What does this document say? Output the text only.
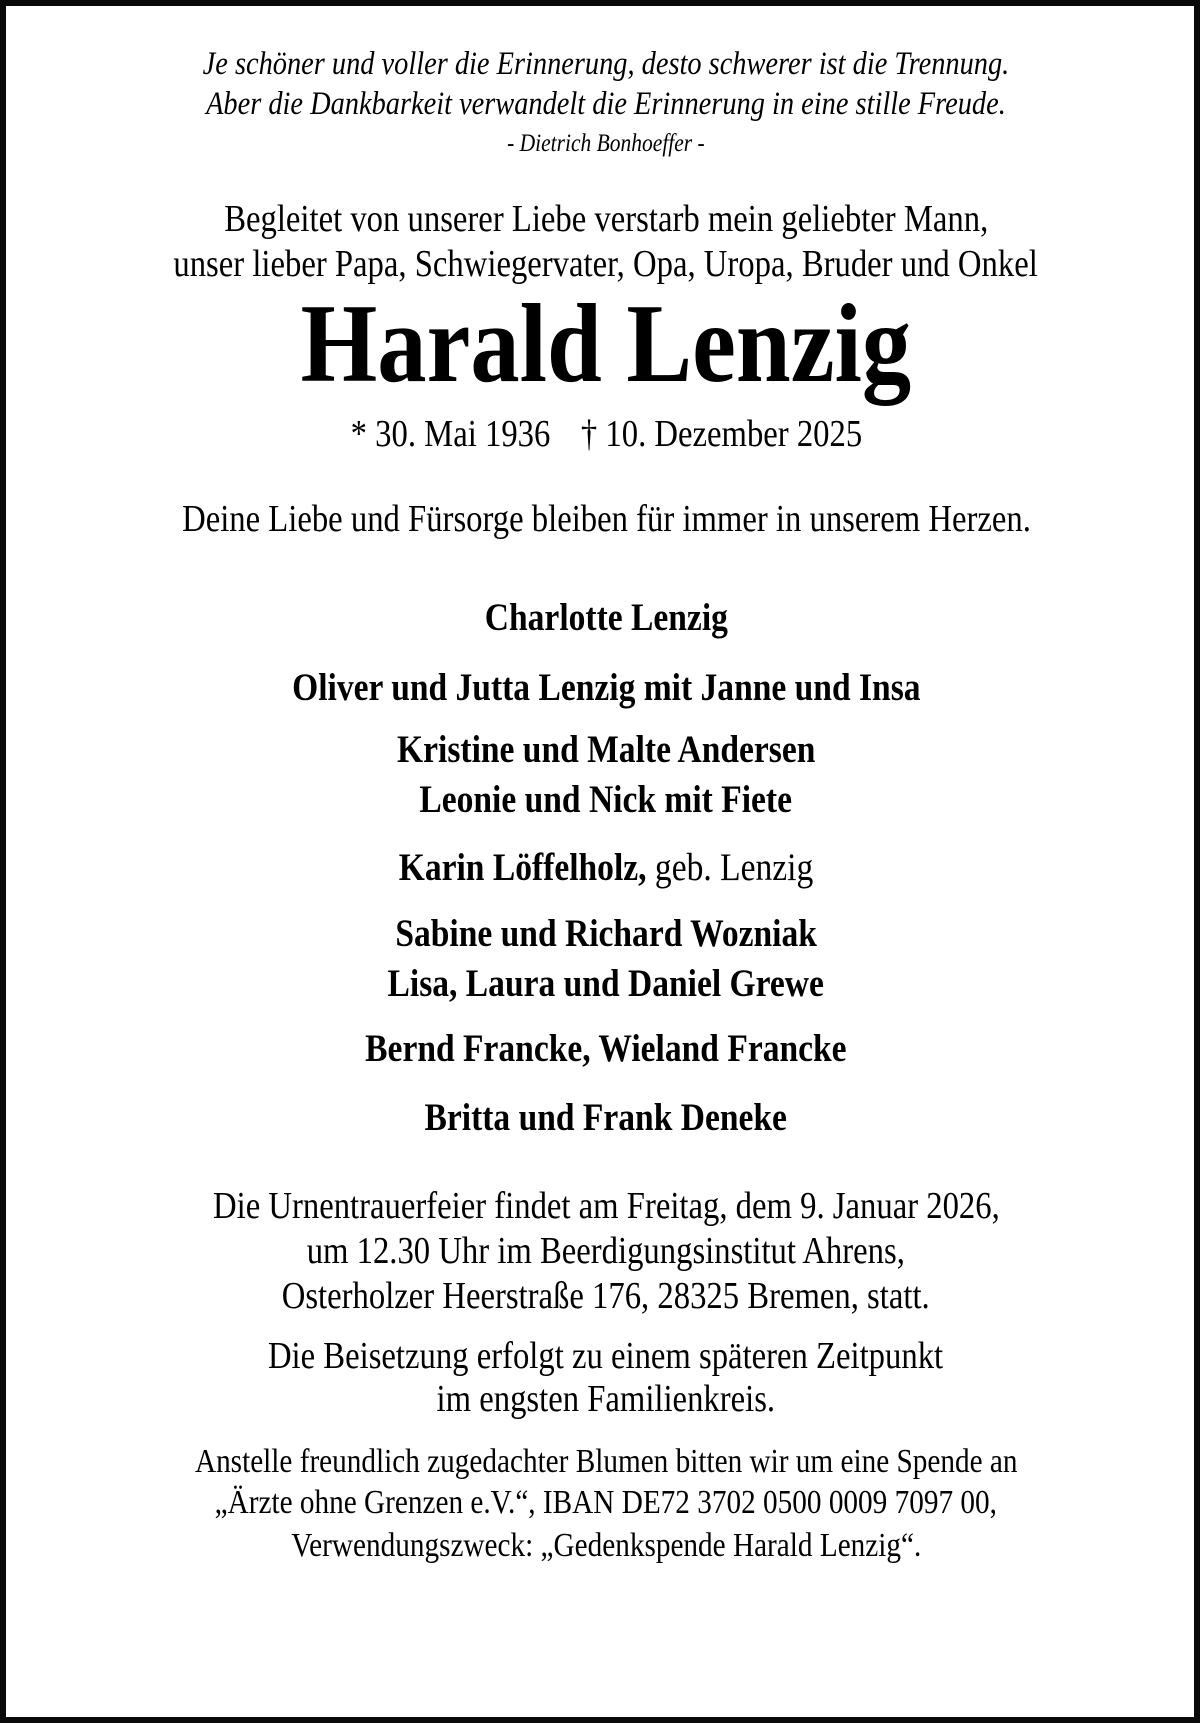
Je schöner und voller die Erinnerung, desto schwerer ist die Trennung.
Aber die Dankbarkeit verwandelt die Erinnerung in eine stille Freude.
- Dietrich Bonhoeffer -
Begleitet von unserer Liebe verstarb mein geliebter Mann,
unser lieber Papa, Schwiegervater, Opa, Uropa, Bruder und Onkel
Harald Lenzig
* 30. Mai 1936 † 10. Dezember 2025
Deine Liebe und Fürsorge bleiben für immer in unserem Herzen.
Charlotte Lenzig
Oliver und Jutta Lenzig mit Janne und Insa
Kristine und Malte Andersen
Leonie und Nick mit Fiete
Karin Löffelholz, geb. Lenzig
Sabine und Richard Wozniak
Lisa, Laura und Daniel Grewe
Bernd Francke, Wieland Francke
Britta und Frank Deneke
Die Urnentrauerfeier findet am Freitag, dem 9. Januar 2026,
um 12.30 Uhr im Beerdigungsinstitut Ahrens,
Osterholzer Heerstraße 176, 28325 Bremen, statt.
Die Beisetzung erfolgt zu einem späteren Zeitpunkt
im engsten Familienkreis.
Anstelle freundlich zugedachter Blumen bitten wir um eine Spende an
„Ärzte ohne Grenzen e.V.“, IBAN DE72 3702 0500 0009 7097 00,
Verwendungszweck: „Gedenkspende Harald Lenzig“.
